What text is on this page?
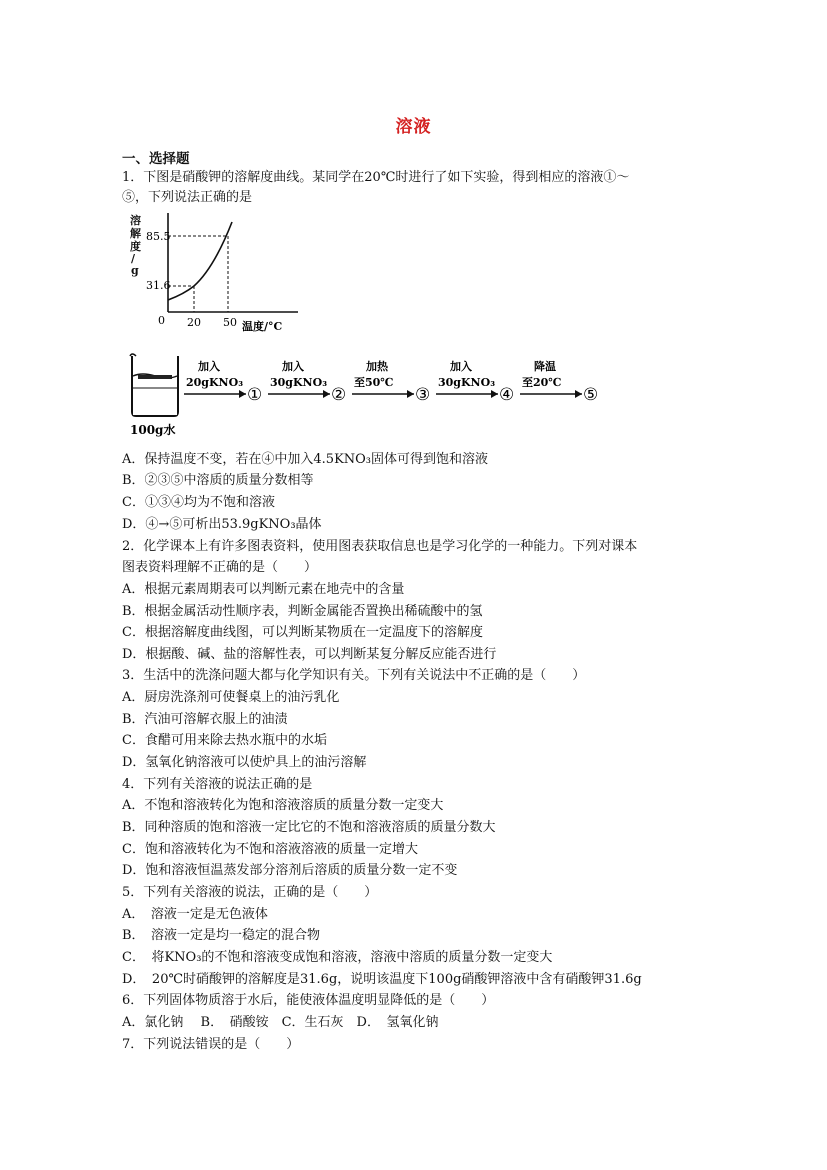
溶液
一、选择题
1．下图是硝酸钾的溶解度曲线。某同学在20℃时进行了如下实验，得到相应的溶液①～
⑤，下列说法正确的是
溶
解
度
/
g
85.5
31.6
0 20 50 温度/°C
100g水
加入
20gKNO₃
①
加入
30gKNO₃
②
加热
至50℃
③
加入
30gKNO₃
④
降温
至20℃
⑤
A．保持温度不变，若在④中加入4.5KNO₃固体可得到饱和溶液
B．②③⑤中溶质的质量分数相等
C．①③④均为不饱和溶液
D．④→⑤可析出53.9gKNO₃晶体
2．化学课本上有许多图表资料，使用图表获取信息也是学习化学的一种能力。下列对课本
图表资料理解不正确的是（　　）
A．根据元素周期表可以判断元素在地壳中的含量
B．根据金属活动性顺序表，判断金属能否置换出稀硫酸中的氢
C．根据溶解度曲线图，可以判断某物质在一定温度下的溶解度
D．根据酸、碱、盐的溶解性表，可以判断某复分解反应能否进行
3．生活中的洗涤问题大都与化学知识有关。下列有关说法中不正确的是（　　）
A．厨房洗涤剂可使餐桌上的油污乳化
B．汽油可溶解衣服上的油渍
C．食醋可用来除去热水瓶中的水垢
D．氢氧化钠溶液可以使炉具上的油污溶解
4．下列有关溶液的说法正确的是
A．不饱和溶液转化为饱和溶液溶质的质量分数一定变大
B．同种溶质的饱和溶液一定比它的不饱和溶液溶质的质量分数大
C．饱和溶液转化为不饱和溶液溶液的质量一定增大
D．饱和溶液恒温蒸发部分溶剂后溶质的质量分数一定不变
5．下列有关溶液的说法，正确的是（　　）
A．　溶液一定是无色液体
B．　溶液一定是均一稳定的混合物
C．　将KNO₃的不饱和溶液变成饱和溶液，溶液中溶质的质量分数一定变大
D．　20℃时硝酸钾的溶解度是31.6g，说明该温度下100g硝酸钾溶液中含有硝酸钾31.6g
6．下列固体物质溶于水后，能使液体温度明显降低的是（　　）
A．氯化钠　 B．　硝酸铵　C．生石灰　D．　氢氧化钠
7．下列说法错误的是（　　）
